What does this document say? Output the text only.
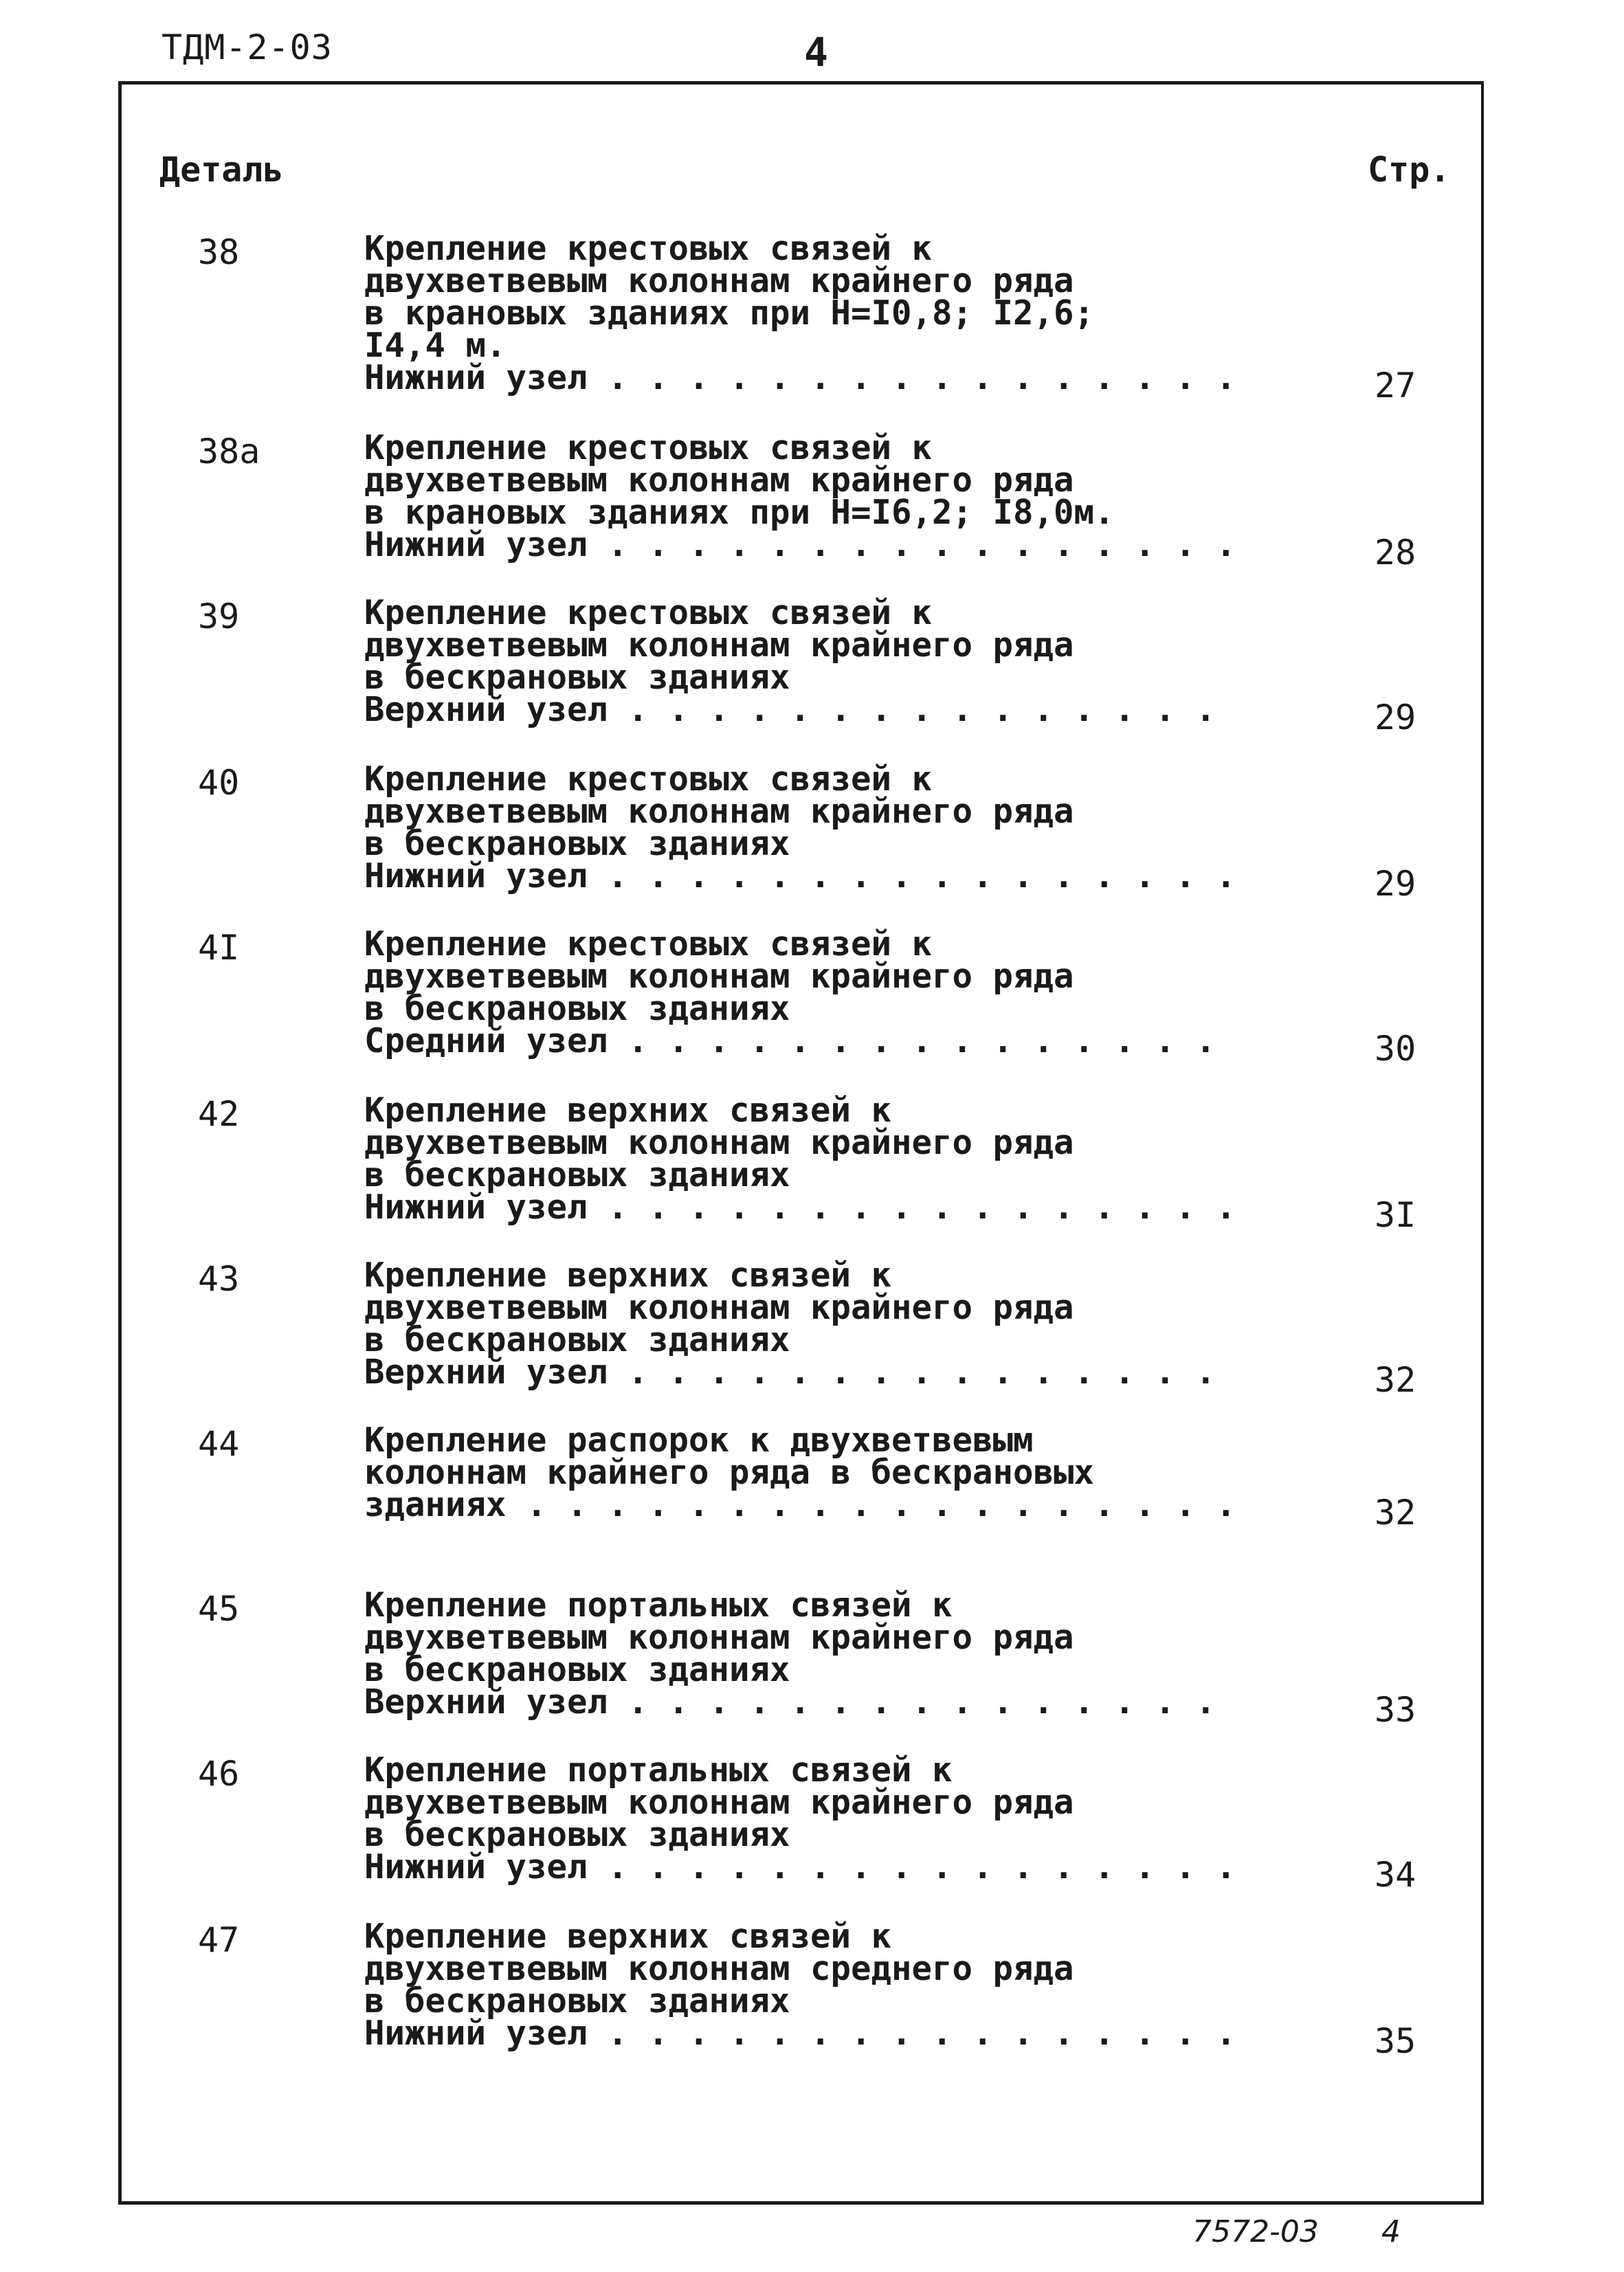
ТДМ-2-03	4
Деталь	Стр.
38	Крепление крестовых связей к
двухветвевым колоннам крайнего ряда
в крановых зданиях при Н=I0,8; I2,6;
I4,4 м.
Нижний узел . . . . . . . . . . . . . . . .	27
38а	Крепление крестовых связей к
двухветвевым колоннам крайнего ряда
в крановых зданиях при Н=I6,2; I8,0м.
Нижний узел . . . . . . . . . . . . . . . .	28
39	Крепление крестовых связей к
двухветвевым колоннам крайнего ряда
в бескрановых зданиях
Верхний узел . . . . . . . . . . . . . . .	29
40	Крепление крестовых связей к
двухветвевым колоннам крайнего ряда
в бескрановых зданиях
Нижний узел . . . . . . . . . . . . . . . .	29
4I	Крепление крестовых связей к
двухветвевым колоннам крайнего ряда
в бескрановых зданиях
Средний узел . . . . . . . . . . . . . . .	30
42	Крепление верхних связей к
двухветвевым колоннам крайнего ряда
в бескрановых зданиях
Нижний узел . . . . . . . . . . . . . . . .	3I
43	Крепление верхних связей к
двухветвевым колоннам крайнего ряда
в бескрановых зданиях
Верхний узел . . . . . . . . . . . . . . .	32
44	Крепление распорок к двухветвевым
колоннам крайнего ряда в бескрановых
зданиях . . . . . . . . . . . . . . . . . .	32
45	Крепление портальных связей к
двухветвевым колоннам крайнего ряда
в бескрановых зданиях
Верхний узел . . . . . . . . . . . . . . .	33
46	Крепление портальных связей к
двухветвевым колоннам крайнего ряда
в бескрановых зданиях
Нижний узел . . . . . . . . . . . . . . . .	34
47	Крепление верхних связей к
двухветвевым колоннам среднего ряда
в бескрановых зданиях
Нижний узел . . . . . . . . . . . . . . . .	35
7572-03 4
